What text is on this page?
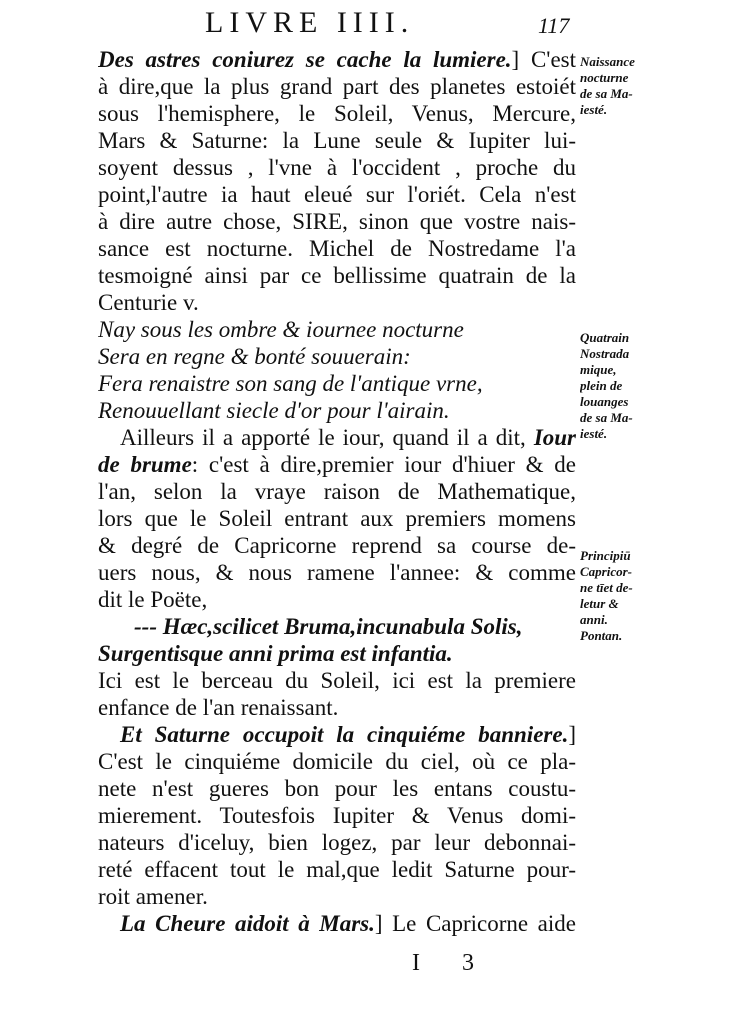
LIVRE IIII.	117
Des astres coniurez se cache la lumiere.] C'est
à dire,que la plus grand part des planetes estoiét
sous l'hemisphere, le Soleil, Venus, Mercure,
Mars & Saturne: la Lune seule & Iupiter lui-
soyent dessus , l'vne à l'occident , proche du
point,l'autre ia haut eleué sur l'oriét. Cela n'est
à dire autre chose, SIRE, sinon que vostre nais-
sance est nocturne. Michel de Nostredame l'a
tesmoigné ainsi par ce bellissime quatrain de la
Centurie v.
Nay sous les ombre & iournee nocturne
Sera en regne & bonté souuerain:
Fera renaistre son sang de l'antique vrne,
Renouuellant siecle d'or pour l'airain.
Ailleurs il a apporté le iour, quand il a dit, Iour
de brume: c'est à dire,premier iour d'hiuer & de
l'an, selon la vraye raison de Mathematique,
lors que le Soleil entrant aux premiers momens
& degré de Capricorne reprend sa course de-
uers nous, & nous ramene l'annee: & comme
dit le Poëte,
--- Hæc,scilicet Bruma,incunabula Solis,
Surgentisque anni prima est infantia.
Ici est le berceau du Soleil, ici est la premiere
enfance de l'an renaissant.
Et Saturne occupoit la cinquiéme banniere.]
C'est le cinquiéme domicile du ciel, où ce pla-
nete n'est gueres bon pour les entans coustu-
mierement. Toutesfois Iupiter & Venus domi-
nateurs d'iceluy, bien logez, par leur debonnai-
reté effacent tout le mal,que ledit Saturne pour-
roit amener.
La Cheure aidoit à Mars.] Le Capricorne aide
Naissance
nocturne
de sa Ma-
iesté.
Quatrain
Nostrada
mique,
plein de
louanges
de sa Ma-
iesté.
Principiū
Capricor-
ne tīet de-
letur &
anni.
Pontan.
I 3
